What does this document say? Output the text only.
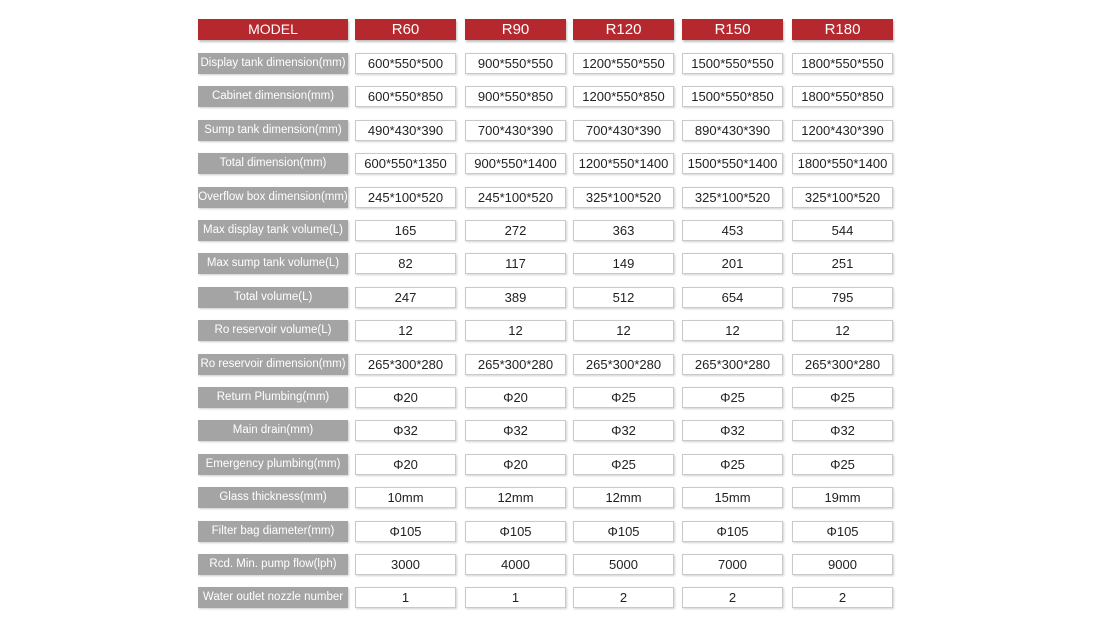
MODEL	R60	R90	R120	R150	R180
Display tank dimension(mm)	600*550*500	900*550*550	1200*550*550	1500*550*550	1800*550*550
Cabinet dimension(mm)	600*550*850	900*550*850	1200*550*850	1500*550*850	1800*550*850
Sump tank dimension(mm)	490*430*390	700*430*390	700*430*390	890*430*390	1200*430*390
Total dimension(mm)	600*550*1350	900*550*1400	1200*550*1400	1500*550*1400	1800*550*1400
Overflow box dimension(mm)	245*100*520	245*100*520	325*100*520	325*100*520	325*100*520
Max display tank volume(L)	165	272	363	453	544
Max sump tank volume(L)	82	117	149	201	251
Total volume(L)	247	389	512	654	795
Ro reservoir volume(L)	12	12	12	12	12
Ro reservoir dimension(mm)	265*300*280	265*300*280	265*300*280	265*300*280	265*300*280
Return Plumbing(mm)	Φ20	Φ20	Φ25	Φ25	Φ25
Main drain(mm)	Φ32	Φ32	Φ32	Φ32	Φ32
Emergency plumbing(mm)	Φ20	Φ20	Φ25	Φ25	Φ25
Glass thickness(mm)	10mm	12mm	12mm	15mm	19mm
Filter bag diameter(mm)	Φ105	Φ105	Φ105	Φ105	Φ105
Rcd. Min. pump flow(lph)	3000	4000	5000	7000	9000
Water outlet nozzle number	1	1	2	2	2
